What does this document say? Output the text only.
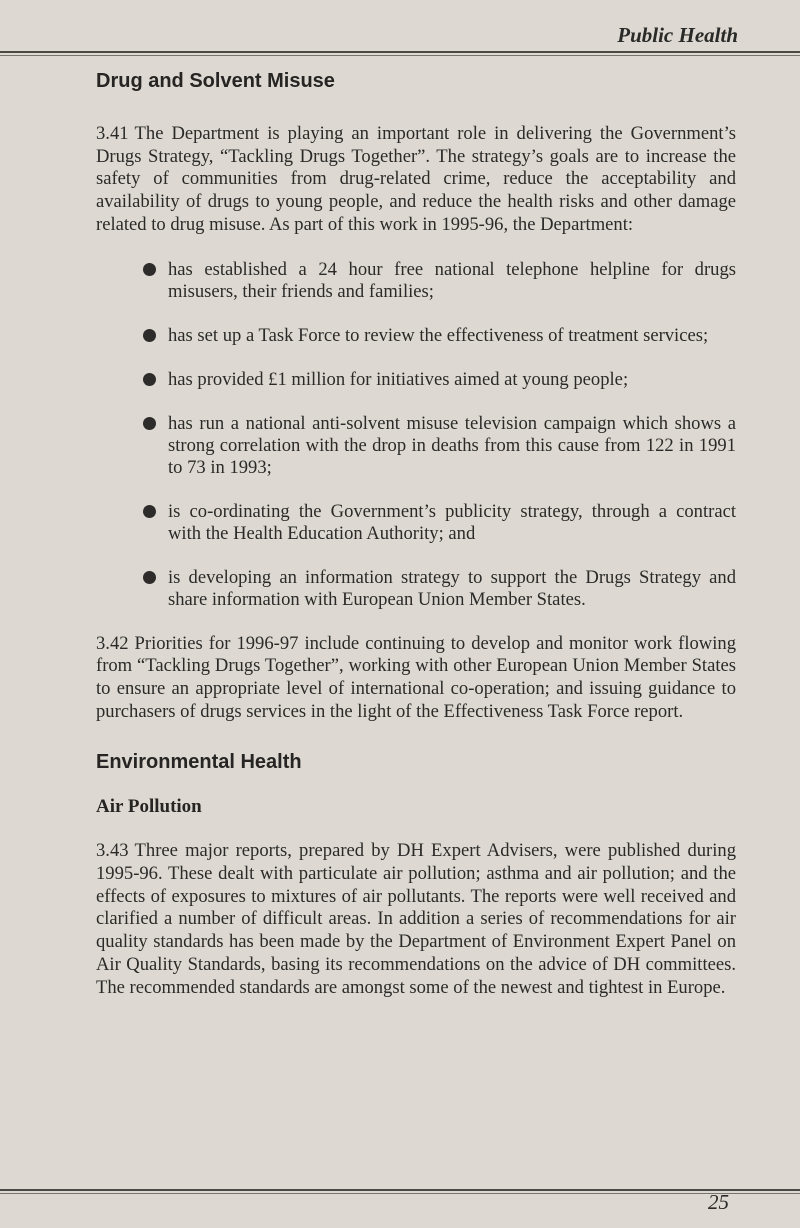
Public Health
Drug and Solvent Misuse

3.41 The Department is playing an important role in delivering the Government’s Drugs Strategy, “Tackling Drugs Together”. The strategy’s goals are to increase the safety of communities from drug-related crime, reduce the acceptability and availability of drugs to young people, and reduce the health risks and other damage related to drug misuse. As part of this work in 1995-96, the Department:

has established a 24 hour free national telephone helpline for drugs misusers, their friends and families;
has set up a Task Force to review the effectiveness of treatment services;
has provided £1 million for initiatives aimed at young people;
has run a national anti-solvent misuse television campaign which shows a strong correlation with the drop in deaths from this cause from 122 in 1991 to 73 in 1993;
is co-ordinating the Government’s publicity strategy, through a contract with the Health Education Authority; and
is developing an information strategy to support the Drugs Strategy and share information with European Union Member States.

3.42 Priorities for 1996-97 include continuing to develop and monitor work flowing from “Tackling Drugs Together”, working with other European Union Member States to ensure an appropriate level of international co-operation; and issuing guidance to purchasers of drugs services in the light of the Effectiveness Task Force report.

Environmental Health
Air Pollution

3.43 Three major reports, prepared by DH Expert Advisers, were published during 1995-96. These dealt with particulate air pollution; asthma and air pollution; and the effects of exposures to mixtures of air pollutants. The reports were well received and clarified a number of difficult areas. In addition a series of recommendations for air quality standards has been made by the Department of Environment Expert Panel on Air Quality Standards, basing its recommendations on the advice of DH committees. The recommended standards are amongst some of the newest and tightest in Europe.

25
